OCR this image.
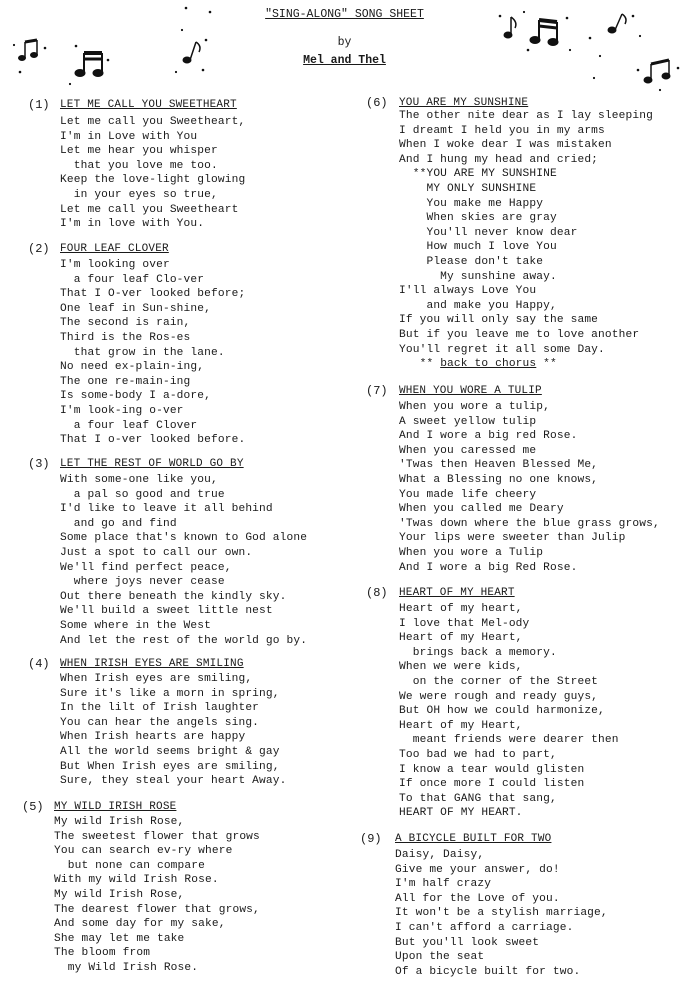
"SING-ALONG" SONG SHEET
by
Mel and Thel
(1) LET ME CALL YOU SWEETHEART
Let me call you Sweetheart,
I'm in Love with You
Let me hear you whisper
that you love me too.
Keep the love-light glowing
in your eyes so true,
Let me call you Sweetheart
I'm in love with You.
(2) FOUR LEAF CLOVER
I'm looking over
a four leaf Clo-ver
That I O-ver looked before;
One leaf in Sun-shine,
The second is rain,
Third is the Ros-es
that grow in the lane.
No need ex-plain-ing,
The one re-main-ing
Is some-body I a-dore,
I'm look-ing o-ver
a four leaf Clover
That I o-ver looked before.
(3) LET THE REST OF WORLD GO BY
With some-one like you,
a pal so good and true
I'd like to leave it all behind
and go and find
Some place that's known to God alone
Just a spot to call our own.
We'll find perfect peace,
where joys never cease
Out there beneath the kindly sky.
We'll build a sweet little nest
Some where in the West
And let the rest of the world go by.
(4) WHEN IRISH EYES ARE SMILING
When Irish eyes are smiling,
Sure it's like a morn in spring,
In the lilt of Irish laughter
You can hear the angels sing.
When Irish hearts are happy
All the world seems bright & gay
But When Irish eyes are smiling,
Sure, they steal your heart Away.
(5) MY WILD IRISH ROSE
My wild Irish Rose,
The sweetest flower that grows
You can search ev-ry where
but none can compare
With my wild Irish Rose.
My wild Irish Rose,
The dearest flower that grows,
And some day for my sake,
She may let me take
The bloom from
my Wild Irish Rose.
(6) YOU ARE MY SUNSHINE
The other nite dear as I lay sleeping
I dreamt I held you in my arms
When I woke dear I was mistaken
And I hung my head and cried;
**YOU ARE MY SUNSHINE
MY ONLY SUNSHINE
You make me Happy
When skies are gray
You'll never know dear
How much I love You
Please don't take
My sunshine away.
I'll always Love You
and make you Happy,
If you will only say the same
But if you leave me to love another
You'll regret it all some Day.
** back to chorus **
(7) WHEN YOU WORE A TULIP
When you wore a tulip,
A sweet yellow tulip
And I wore a big red Rose.
When you caressed me
'Twas then Heaven Blessed Me,
What a Blessing no one knows,
You made life cheery
When you called me Deary
'Twas down where the blue grass grows,
Your lips were sweeter than Julip
When you wore a Tulip
And I wore a big Red Rose.
(8) HEART OF MY HEART
Heart of my heart,
I love that Mel-ody
Heart of my Heart,
brings back a memory.
When we were kids,
on the corner of the Street
We were rough and ready guys,
But OH how we could harmonize,
Heart of my Heart,
meant friends were dearer then
Too bad we had to part,
I know a tear would glisten
If once more I could listen
To that GANG that sang,
HEART OF MY HEART.
(9) A BICYCLE BUILT FOR TWO
Daisy, Daisy,
Give me your answer, do!
I'm half crazy
All for the Love of you.
It won't be a stylish marriage,
I can't afford a carriage.
But you'll look sweet
Upon the seat
Of a bicycle built for two.
